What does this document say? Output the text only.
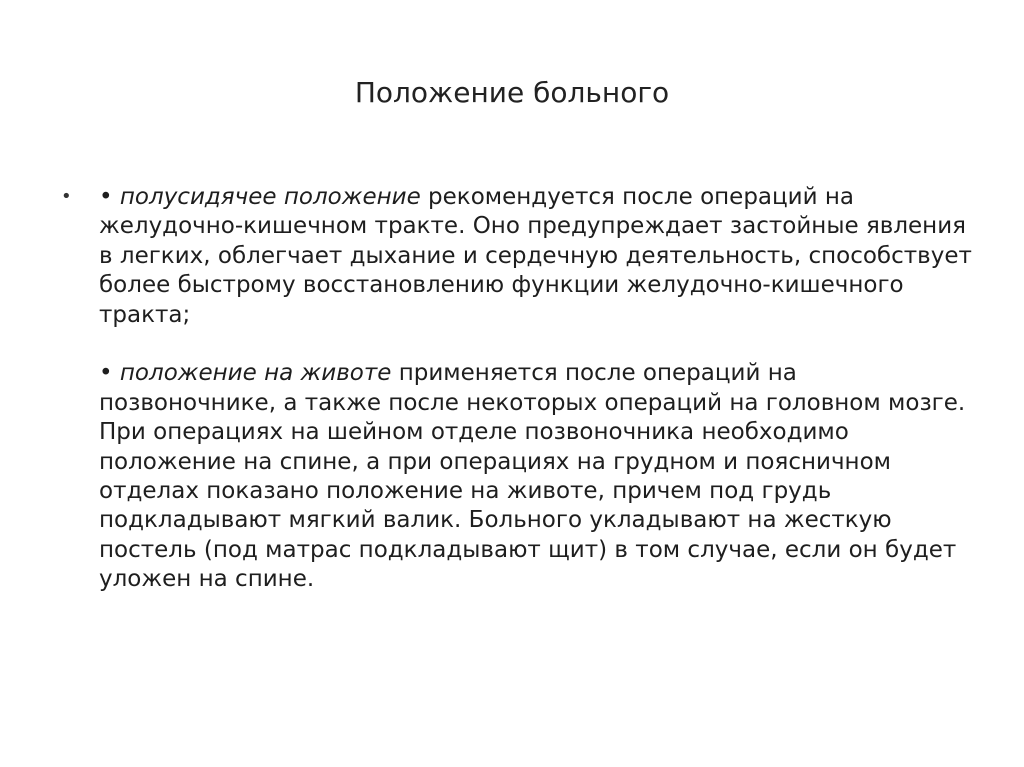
Положение больного
• • полусидячее положение рекомендуется после операций на желудочно-кишечном тракте. Оно предупреждает застойные явления в легких, облегчает дыхание и сердечную деятельность, способствует более быстрому восстановлению функции желудочно-кишечного тракта;

• положение на животе применяется после операций на позвоночнике, а также после некоторых операций на головном мозге. При операциях на шейном отделе позвоночника необходимо положение на спине, а при операциях на грудном и поясничном отделах показано положение на животе, причем под грудь подкладывают мягкий валик. Больного укладывают на жесткую постель (под матрас подкладывают щит) в том случае, если он будет уложен на спине.
